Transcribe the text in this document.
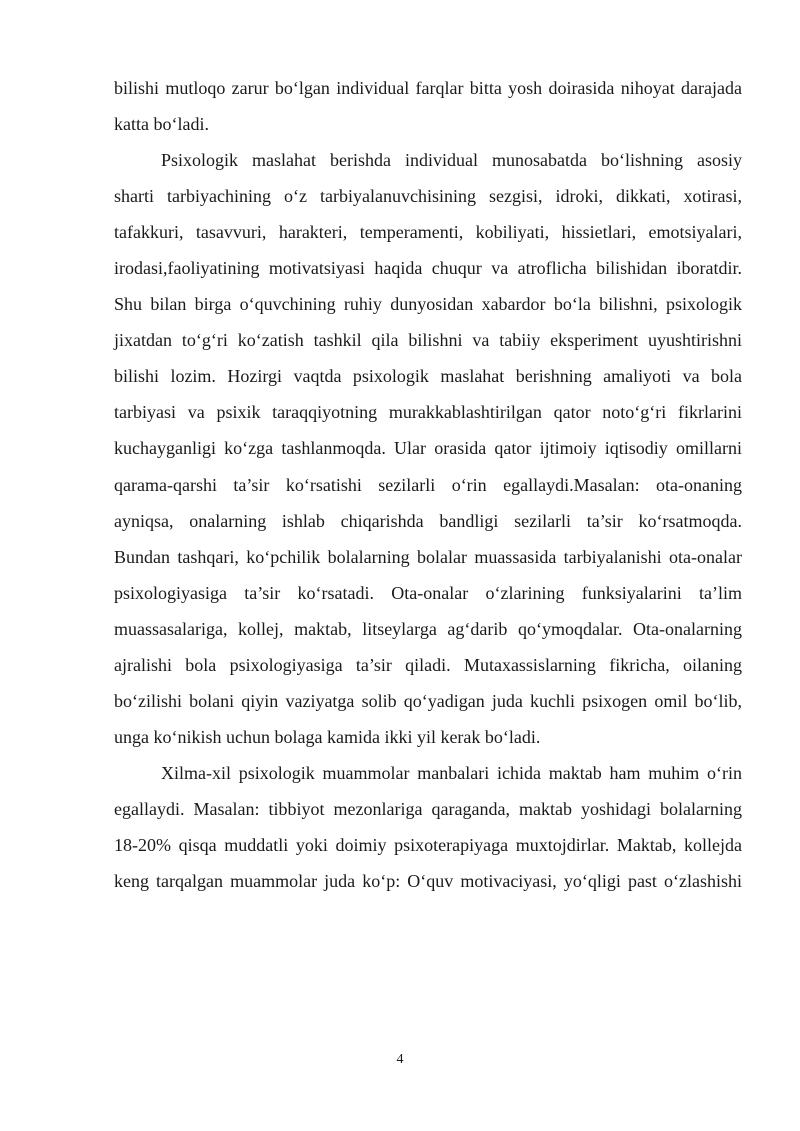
bilishi mutloqo zarur bo‘lgan individual farqlar bitta yosh doirasida nihoyat darajada
katta bo‘ladi.
Psixologik maslahat berishda individual munosabatda bo‘lishning asosiy
sharti tarbiyachining o‘z tarbiyalanuvchisining sezgisi, idroki, dikkati, xotirasi,
tafakkuri, tasavvuri, harakteri, temperamenti, kobiliyati, hissietlari, emotsiyalari,
irodasi,faoliyatining motivatsiyasi haqida chuqur va atroflicha bilishidan iboratdir.
Shu bilan birga o‘quvchining ruhiy dunyosidan xabardor bo‘la bilishni, psixologik
jixatdan to‘g‘ri ko‘zatish tashkil qila bilishni va tabiiy eksperiment uyushtirishni
bilishi lozim. Hozirgi vaqtda psixologik maslahat berishning amaliyoti va bola
tarbiyasi va psixik taraqqiyotning murakkablashtirilgan qator noto‘g‘ri fikrlarini
kuchayganligi ko‘zga tashlanmoqda. Ular orasida qator ijtimoiy iqtisodiy omillarni
qarama-qarshi ta’sir ko‘rsatishi sezilarli o‘rin egallaydi.Masalan: ota-onaning
ayniqsa, onalarning ishlab chiqarishda bandligi sezilarli ta’sir ko‘rsatmoqda.
Bundan tashqari, ko‘pchilik bolalarning bolalar muassasida tarbiyalanishi ota-onalar
psixologiyasiga ta’sir ko‘rsatadi. Ota-onalar o‘zlarining funksiyalarini ta’lim
muassasalariga, kollej, maktab, litseylarga ag‘darib qo‘ymoqdalar. Ota-onalarning
ajralishi bola psixologiyasiga ta’sir qiladi. Mutaxassislarning fikricha, oilaning
bo‘zilishi bolani qiyin vaziyatga solib qo‘yadigan juda kuchli psixogen omil bo‘lib,
unga ko‘nikish uchun bolaga kamida ikki yil kerak bo‘ladi.
Xilma-xil psixologik muammolar manbalari ichida maktab ham muhim o‘rin
egallaydi. Masalan: tibbiyot mezonlariga qaraganda, maktab yoshidagi bolalarning
18-20% qisqa muddatli yoki doimiy psixoterapiyaga muxtojdirlar. Maktab, kollejda
keng tarqalgan muammolar juda ko‘p: O‘quv motivaciyasi, yo‘qligi past o‘zlashishi
4
